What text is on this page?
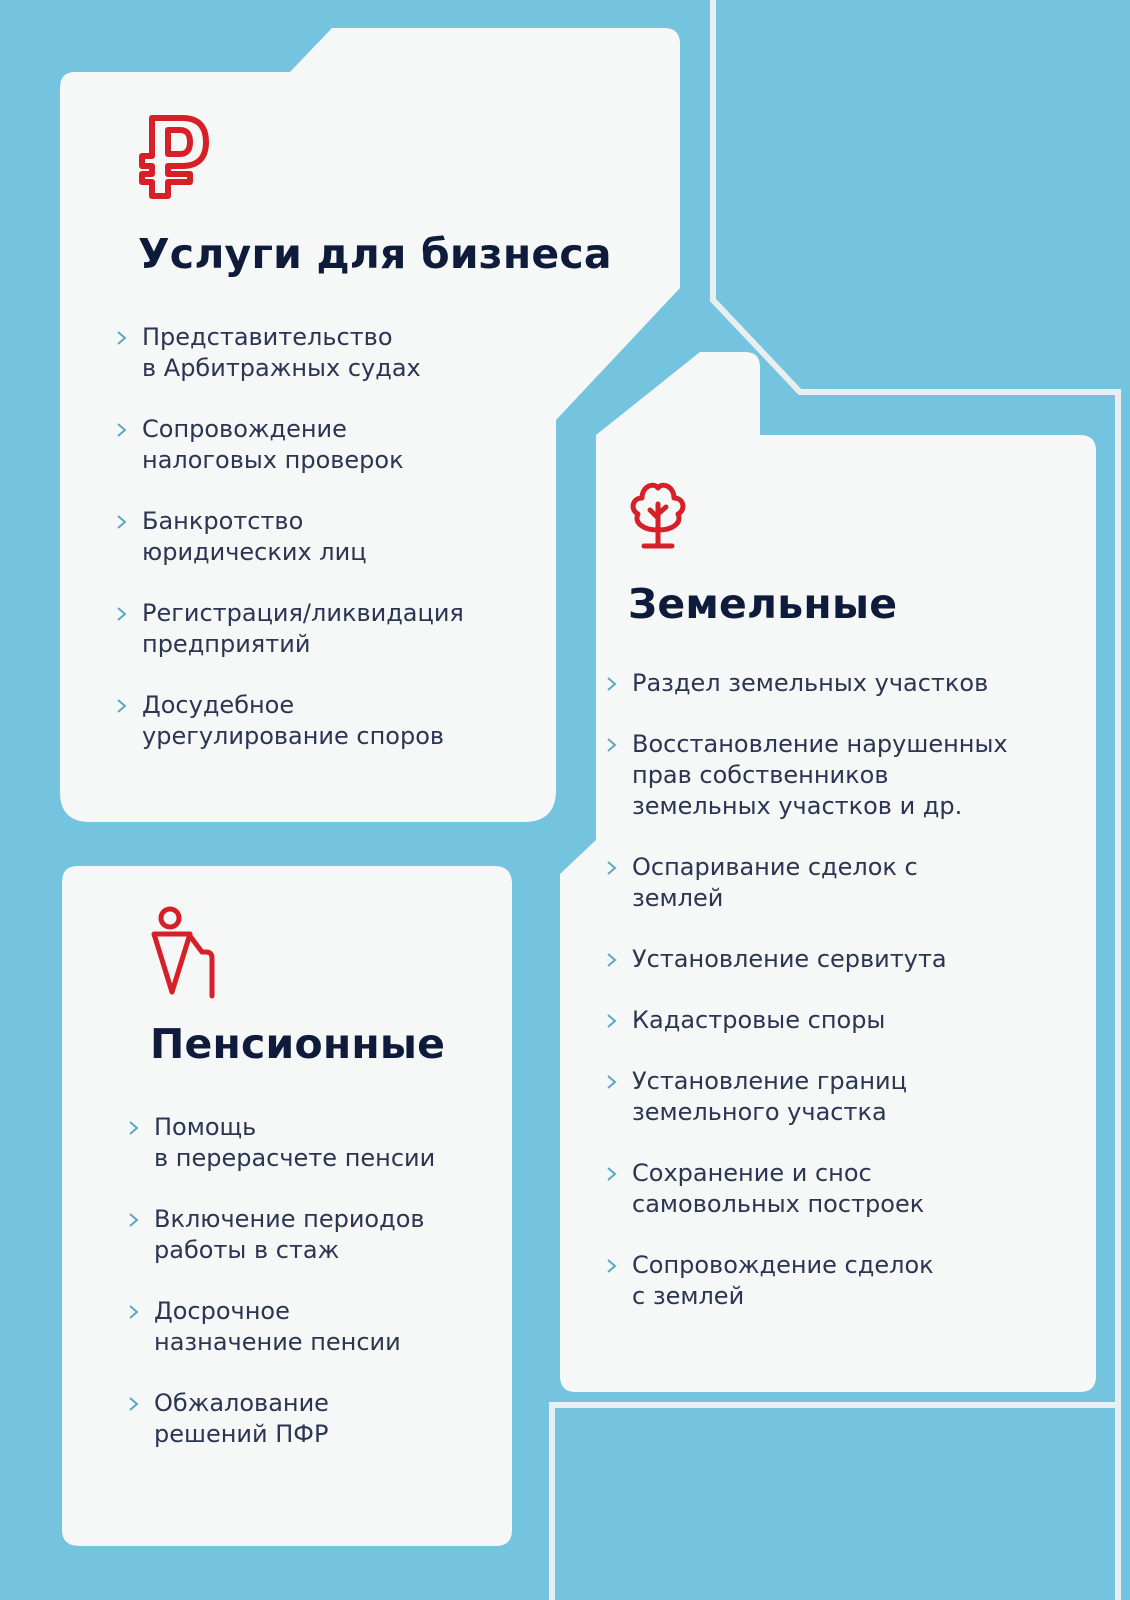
Услуги для бизнеса
Представительство
в Арбитражных судах
Сопровождение
налоговых проверок
Банкротство
юридических лиц
Регистрация/ликвидация
предприятий
Досудебное
урегулирование споров
Земельные
Раздел земельных участков
Восстановление нарушенных
прав собственников
земельных участков и др.
Оспаривание сделок с
землей
Установление сервитута
Кадастровые споры
Установление границ
земельного участка
Сохранение и снос
самовольных построек
Сопровождение сделок
с землей
Пенсионные
Помощь
в перерасчете пенсии
Включение периодов
работы в стаж
Досрочное
назначение пенсии
Обжалование
решений ПФР
